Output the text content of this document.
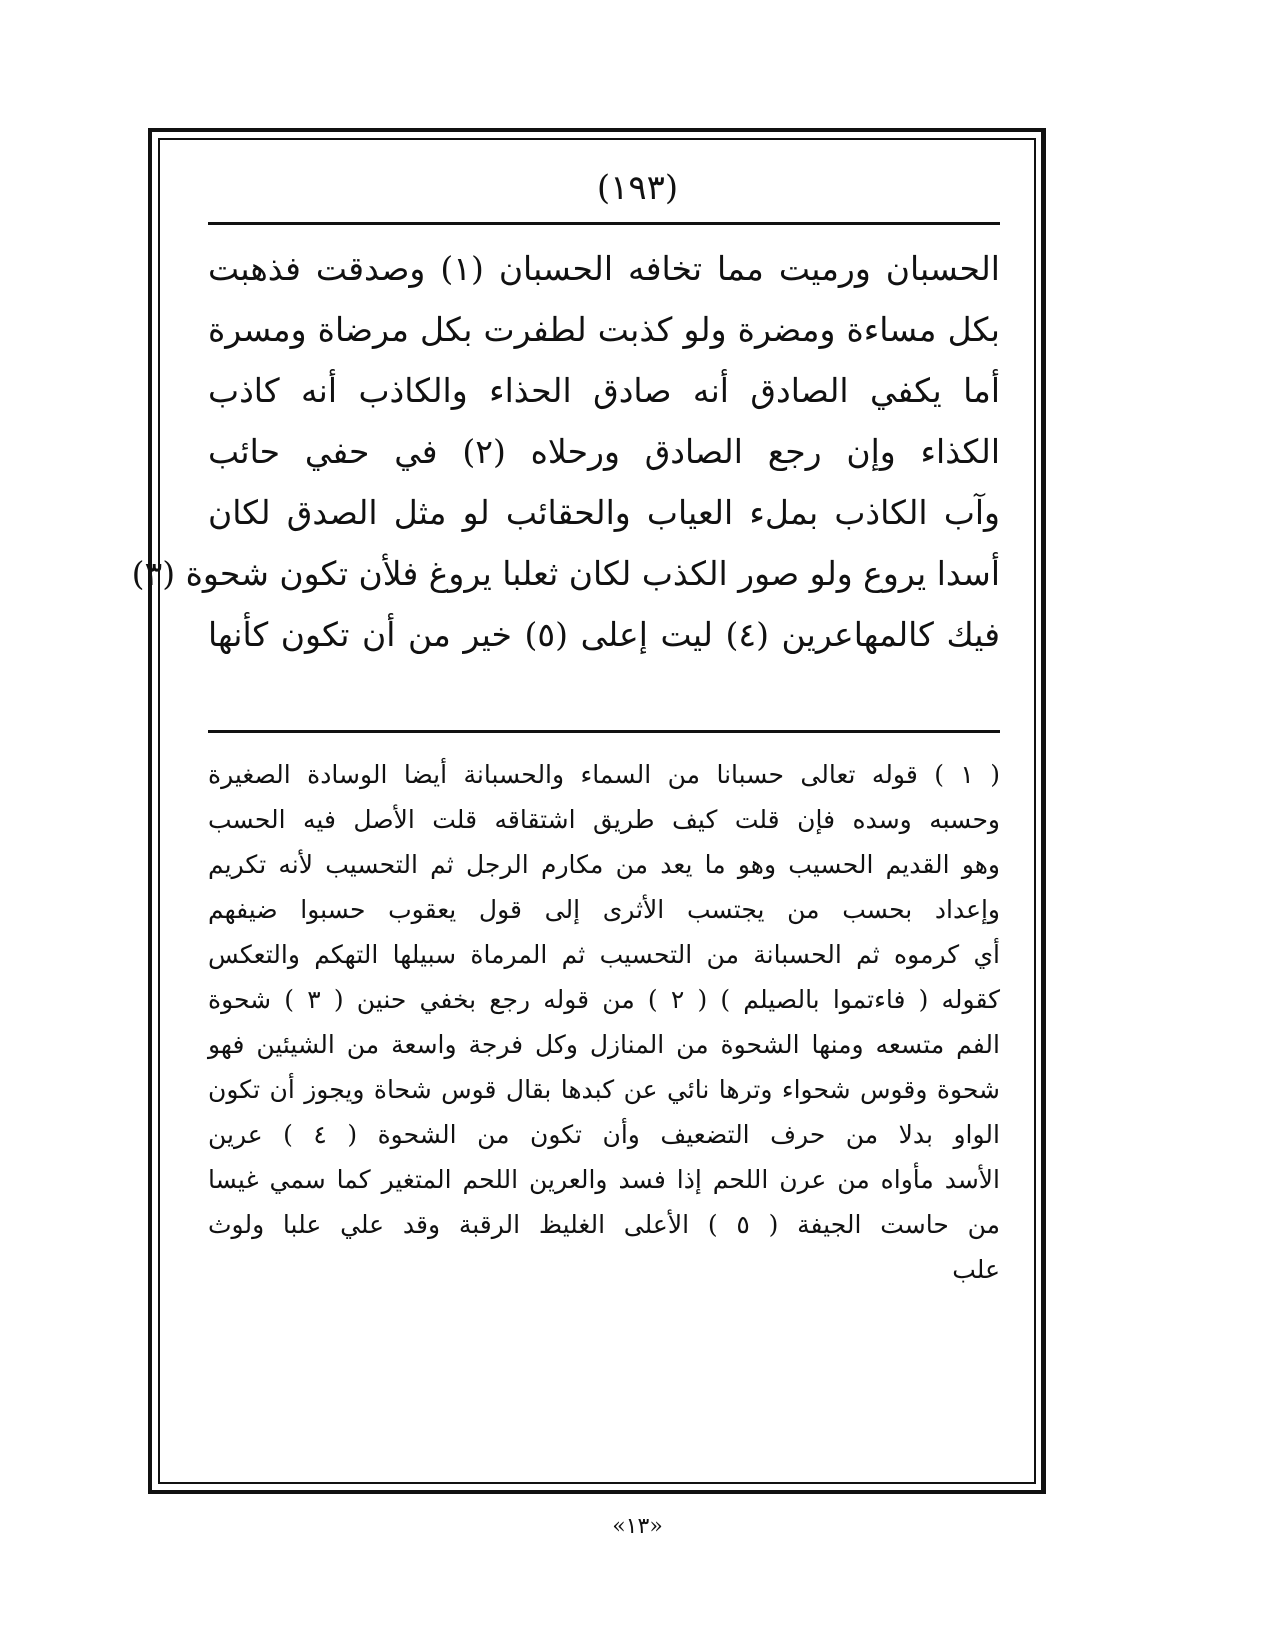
(١٩٣)
الحسبان ورميت مما تخافه الحسبان (١) وصدقت فذهبت
بكل مساءة ومضرة ولو كذبت لطفرت بكل مرضاة ومسرة
أما يكفي الصادق أنه صادق الحذاء والكاذب أنه كاذب
الكذاء وإن رجع الصادق ورحلاه (٢) في حفي حائب
وآب الكاذب بملء العياب والحقائب لو مثل الصدق لكان
أسدا يروع ولو صور الكذب لكان ثعلبا يروغ فلأن تكون شحوة (٣)
فيك كالمهاعرين (٤) ليت إعلى (٥) خير من أن تكون كأنها
( ١ ) قوله تعالى حسبانا من السماء والحسبانة أيضا الوسادة الصغيرة
وحسبه وسده فإن قلت كيف طريق اشتقاقه قلت الأصل فيه الحسب
وهو القديم الحسيب وهو ما يعد من مكارم الرجل ثم التحسيب لأنه تكريم
وإعداد بحسب من يجتسب الأثرى إلى قول يعقوب حسبوا ضيفهم
أي كرموه ثم الحسبانة من التحسيب ثم المرماة سبيلها التهكم والتعكس
كقوله ( فاءتموا بالصيلم ) ( ٢ ) من قوله رجع بخفي حنين ( ٣ ) شحوة
الفم متسعه ومنها الشحوة من المنازل وكل فرجة واسعة من الشيئين فهو
شحوة وقوس شحواء وترها نائي عن كبدها بقال قوس شحاة ويجوز أن تكون
الواو بدلا من حرف التضعيف وأن تكون من الشحوة ( ٤ ) عرين
الأسد مأواه من عرن اللحم إذا فسد والعرين اللحم المتغير كما سمي غيسا
من حاست الجيفة ( ٥ ) الأعلى الغليظ الرقبة وقد علي علبا ولوث
علب
«١٣»
